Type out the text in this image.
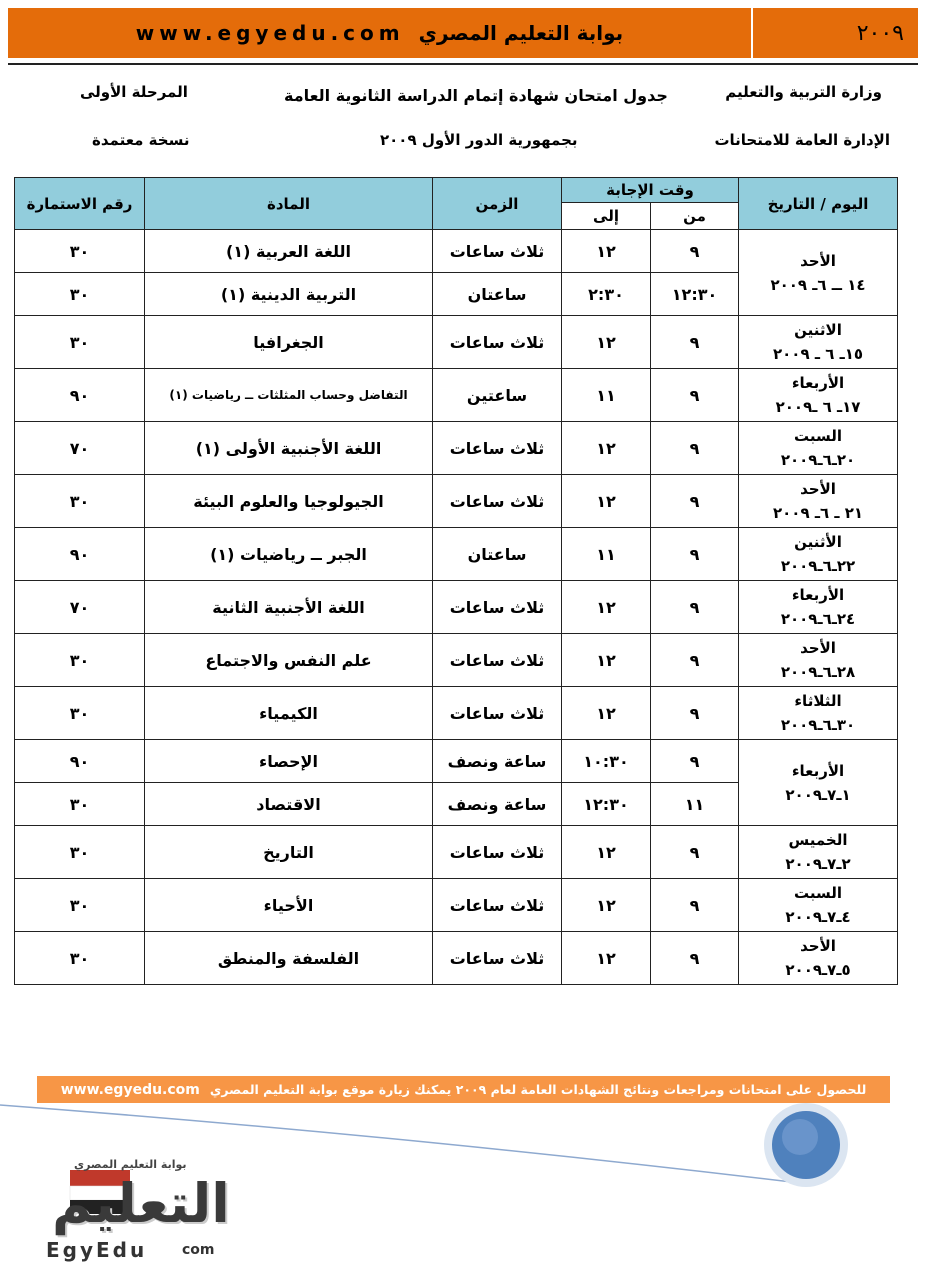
www.egyedu.com بوابة التعليم المصري	٢٠٠٩
وزارة التربية والتعليم
جدول امتحان شهادة إتمام الدراسة الثانوية العامة
المرحلة الأولى
الإدارة العامة للامتحانات
بجمهورية الدور الأول ٢٠٠٩
نسخة معتمدة
اليوم / التاريخ	وقت الإجابة		الزمن	المادة	رقم الاستمارة
	من	إلى			

الأحد
١٤ ــ ٦ـ ٢٠٠٩	٩	١٢	ثلاث ساعات	اللغة العربية (١)	٣٠
	١٢:٣٠	٢:٣٠	ساعتان	التربية الدينية (١)	٣٠

الاثنين
١٥ـ ٦ ـ ٢٠٠٩	٩	١٢	ثلاث ساعات	الجغرافيا	٣٠

الأربعاء
١٧ـ ٦ ـ٢٠٠٩	٩	١١	ساعتين	التفاضل وحساب المثلثات ــ رياضيات (١)	٩٠

السبت
٢٠ـ٦ـ٢٠٠٩	٩	١٢	ثلاث ساعات	اللغة الأجنبية الأولى (١)	٧٠

الأحد
٢١ ـ ٦ـ ٢٠٠٩	٩	١٢	ثلاث ساعات	الجيولوجيا والعلوم البيئة	٣٠

الأثنين
٢٢ـ٦ـ٢٠٠٩	٩	١١	ساعتان	الجبر ــ رياضيات (١)	٩٠

الأربعاء
٢٤ـ٦ـ٢٠٠٩	٩	١٢	ثلاث ساعات	اللغة الأجنبية الثانية	٧٠

الأحد
٢٨ـ٦ـ٢٠٠٩	٩	١٢	ثلاث ساعات	علم النفس والاجتماع	٣٠

الثلاثاء
٣٠ـ٦ـ٢٠٠٩	٩	١٢	ثلاث ساعات	الكيمياء	٣٠

الأربعاء
١ـ٧ـ٢٠٠٩	٩	١٠:٣٠	ساعة ونصف	الإحصاء	٩٠
	١١	١٢:٣٠	ساعة ونصف	الاقتصاد	٣٠

الخميس
٢ـ٧ـ٢٠٠٩	٩	١٢	ثلاث ساعات	التاريخ	٣٠

السبت
٤ـ٧ـ٢٠٠٩	٩	١٢	ثلاث ساعات	الأحياء	٣٠

الأحد
٥ـ٧ـ٢٠٠٩	٩	١٢	ثلاث ساعات	الفلسفة والمنطق	٣٠
للحصول على امتحانات ومراجعات ونتائج الشهادات العامة لعام ٢٠٠٩ يمكنك زيارة موقع بوابة التعليم المصري
www.egyedu.com
بوابة التعليم المصري
التعليم
EgyEdu com
